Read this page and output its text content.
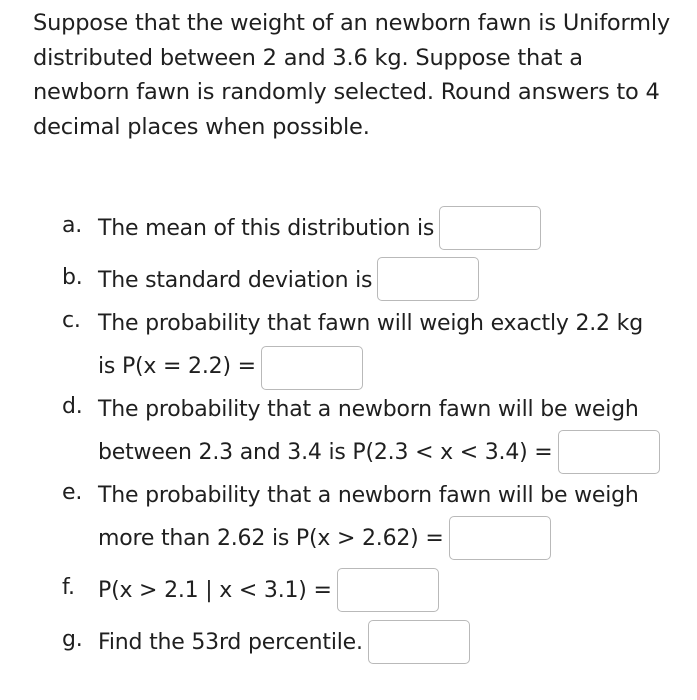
Suppose that the weight of an newborn fawn is Uniformly distributed between 2 and 3.6 kg. Suppose that a newborn fawn is randomly selected. Round answers to 4 decimal places when possible.

a. The mean of this distribution is
b. The standard deviation is
c. The probability that fawn will weigh exactly 2.2 kg
is P(x = 2.2) =
d. The probability that a newborn fawn will be weigh
between 2.3 and 3.4 is P(2.3 < x < 3.4) =
e. The probability that a newborn fawn will be weigh
more than 2.62 is P(x > 2.62) =
f. P(x > 2.1 | x < 3.1) =
g. Find the 53rd percentile.
